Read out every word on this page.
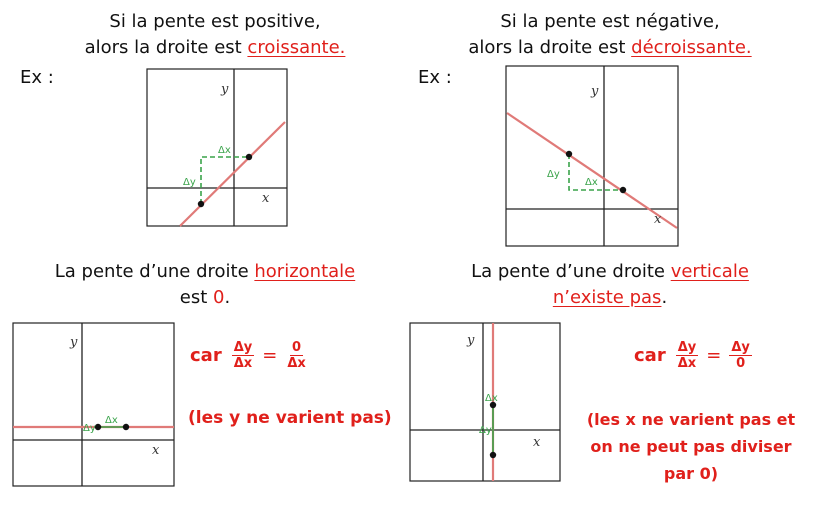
Si la pente est positive,
alors la droite est croissante.
Ex :
Δx
Δy
x
y
Si la pente est négative,
alors la droite est décroissante.
Ex :
Δy
Δx
x
y
La pente d’une droite horizontale
est 0.
Δx
Δy
x
y
car $\frac{\Delta y}{\Delta x} = \frac{0}{\Delta x}$
(les y ne varient pas)
La pente d’une droite verticale
n’existe pas.
Δx
Δy
x
y
car $\frac{\Delta y}{\Delta x} = \frac{\Delta y}{0}$
(les x ne varient pas et
on ne peut pas diviser
par 0)
